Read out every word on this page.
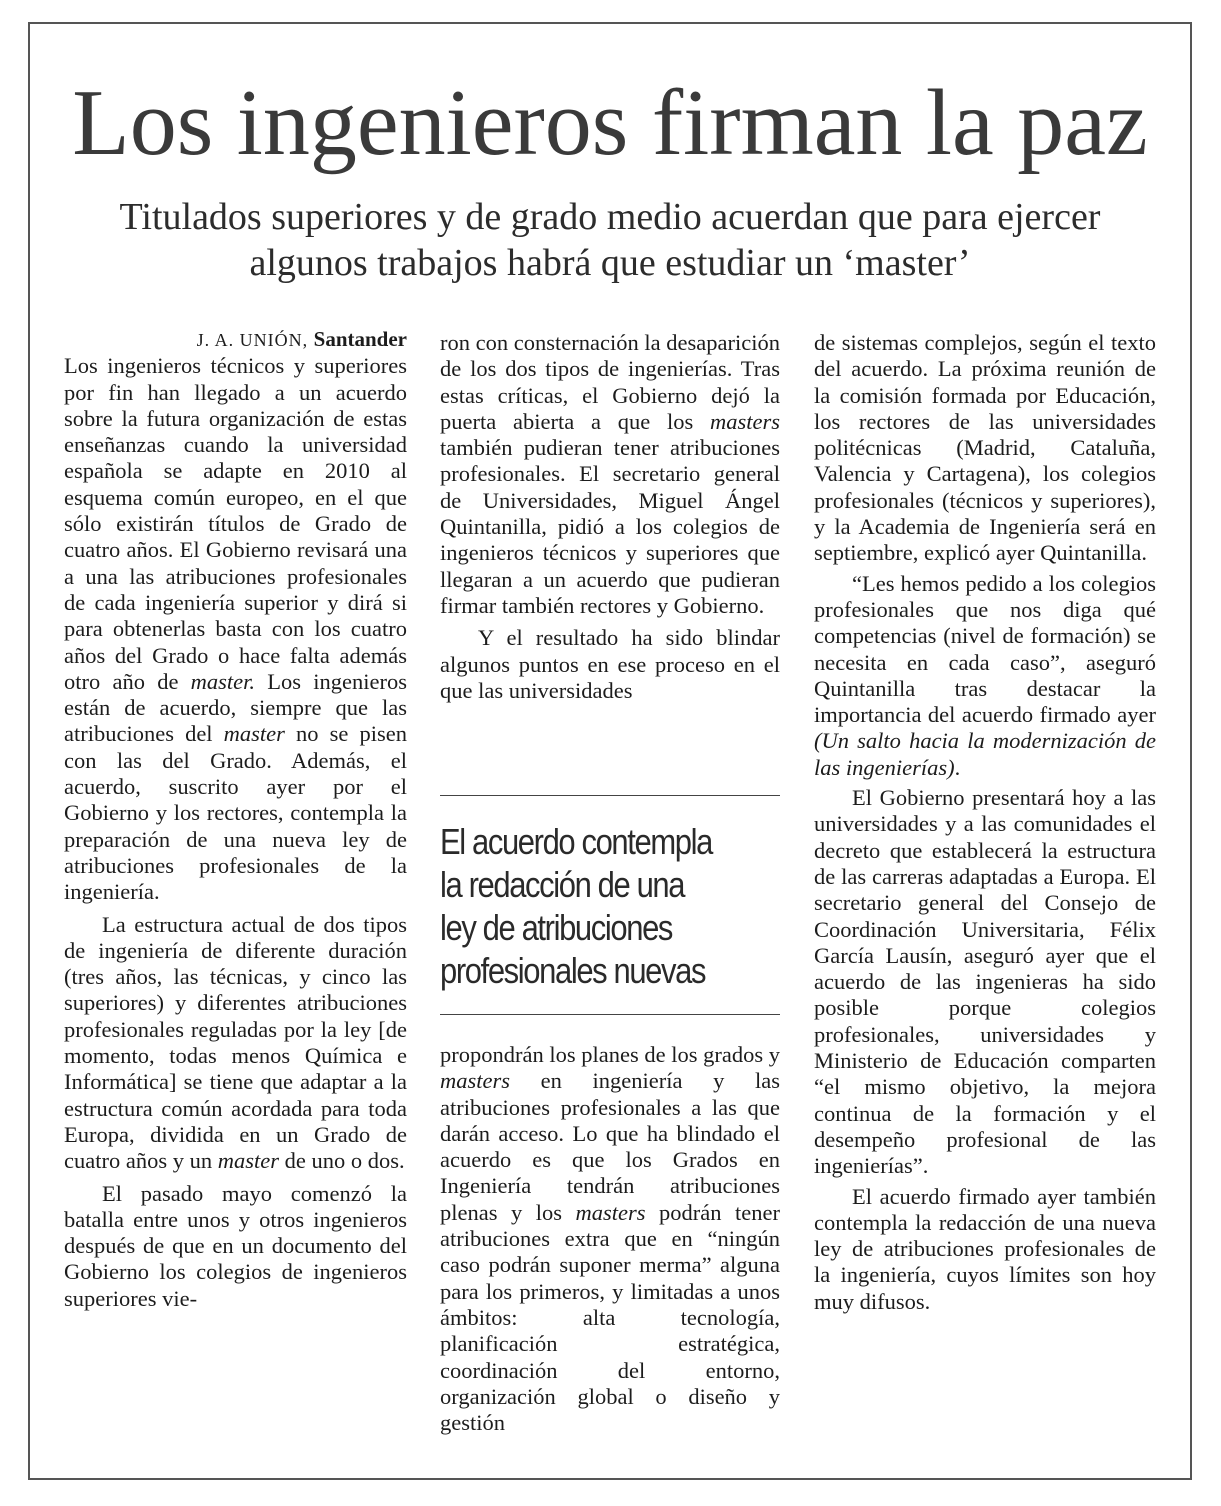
Los ingenieros firman la paz
Titulados superiores y de grado medio acuerdan que para ejercer
algunos trabajos habrá que estudiar un ‘master’
J. A. UNIÓN, Santander

Los ingenieros técnicos y superiores por fin han llegado a un acuerdo sobre la futura organización de estas enseñanzas cuando la universidad española se adapte en 2010 al esquema común europeo, en el que sólo existirán títulos de Grado de cuatro años. El Gobierno revisará una a una las atribuciones profesionales de cada ingeniería superior y dirá si para obtenerlas basta con los cuatro años del Grado o hace falta además otro año de master. Los ingenieros están de acuerdo, siempre que las atribuciones del master no se pisen con las del Grado. Además, el acuerdo, suscrito ayer por el Gobierno y los rectores, contempla la preparación de una nueva ley de atribuciones profesionales de la ingeniería.

La estructura actual de dos tipos de ingeniería de diferente duración (tres años, las técnicas, y cinco las superiores) y diferentes atribuciones profesionales reguladas por la ley [de momento, todas menos Química e Informática] se tiene que adaptar a la estructura común acordada para toda Europa, dividida en un Grado de cuatro años y un master de uno o dos.

El pasado mayo comenzó la batalla entre unos y otros ingenieros después de que en un documento del Gobierno los colegios de ingenieros superiores vie-

ron con consternación la desaparición de los dos tipos de ingenierías. Tras estas críticas, el Gobierno dejó la puerta abierta a que los masters también pudieran tener atribuciones profesionales. El secretario general de Universidades, Miguel Ángel Quintanilla, pidió a los colegios de ingenieros técnicos y superiores que llegaran a un acuerdo que pudieran firmar también rectores y Gobierno.

Y el resultado ha sido blindar algunos puntos en ese proceso en el que las universidades

El acuerdo contempla

la redacción de una

ley de atribuciones

profesionales nuevas

propondrán los planes de los grados y masters en ingeniería y las atribuciones profesionales a las que darán acceso. Lo que ha blindado el acuerdo es que los Grados en Ingeniería tendrán atribuciones plenas y los masters podrán tener atribuciones extra que en “ningún caso podrán suponer merma” alguna para los primeros, y limitadas a unos ámbitos: alta tecnología, planificación estratégica, coordinación del entorno, organización global o diseño y gestión

de sistemas complejos, según el texto del acuerdo. La próxima reunión de la comisión formada por Educación, los rectores de las universidades politécnicas (Madrid, Cataluña, Valencia y Cartagena), los colegios profesionales (técnicos y superiores), y la Academia de Ingeniería será en septiembre, explicó ayer Quintanilla.

“Les hemos pedido a los colegios profesionales que nos diga qué competencias (nivel de formación) se necesita en cada caso”, aseguró Quintanilla tras destacar la importancia del acuerdo firmado ayer (Un salto hacia la modernización de las ingenierías).

El Gobierno presentará hoy a las universidades y a las comunidades el decreto que establecerá la estructura de las carreras adaptadas a Europa. El secretario general del Consejo de Coordinación Universitaria, Félix García Lausín, aseguró ayer que el acuerdo de las ingenieras ha sido posible porque colegios profesionales, universidades y Ministerio de Educación comparten “el mismo objetivo, la mejora continua de la formación y el desempeño profesional de las ingenierías”.

El acuerdo firmado ayer también contempla la redacción de una nueva ley de atribuciones profesionales de la ingeniería, cuyos límites son hoy muy difusos.
